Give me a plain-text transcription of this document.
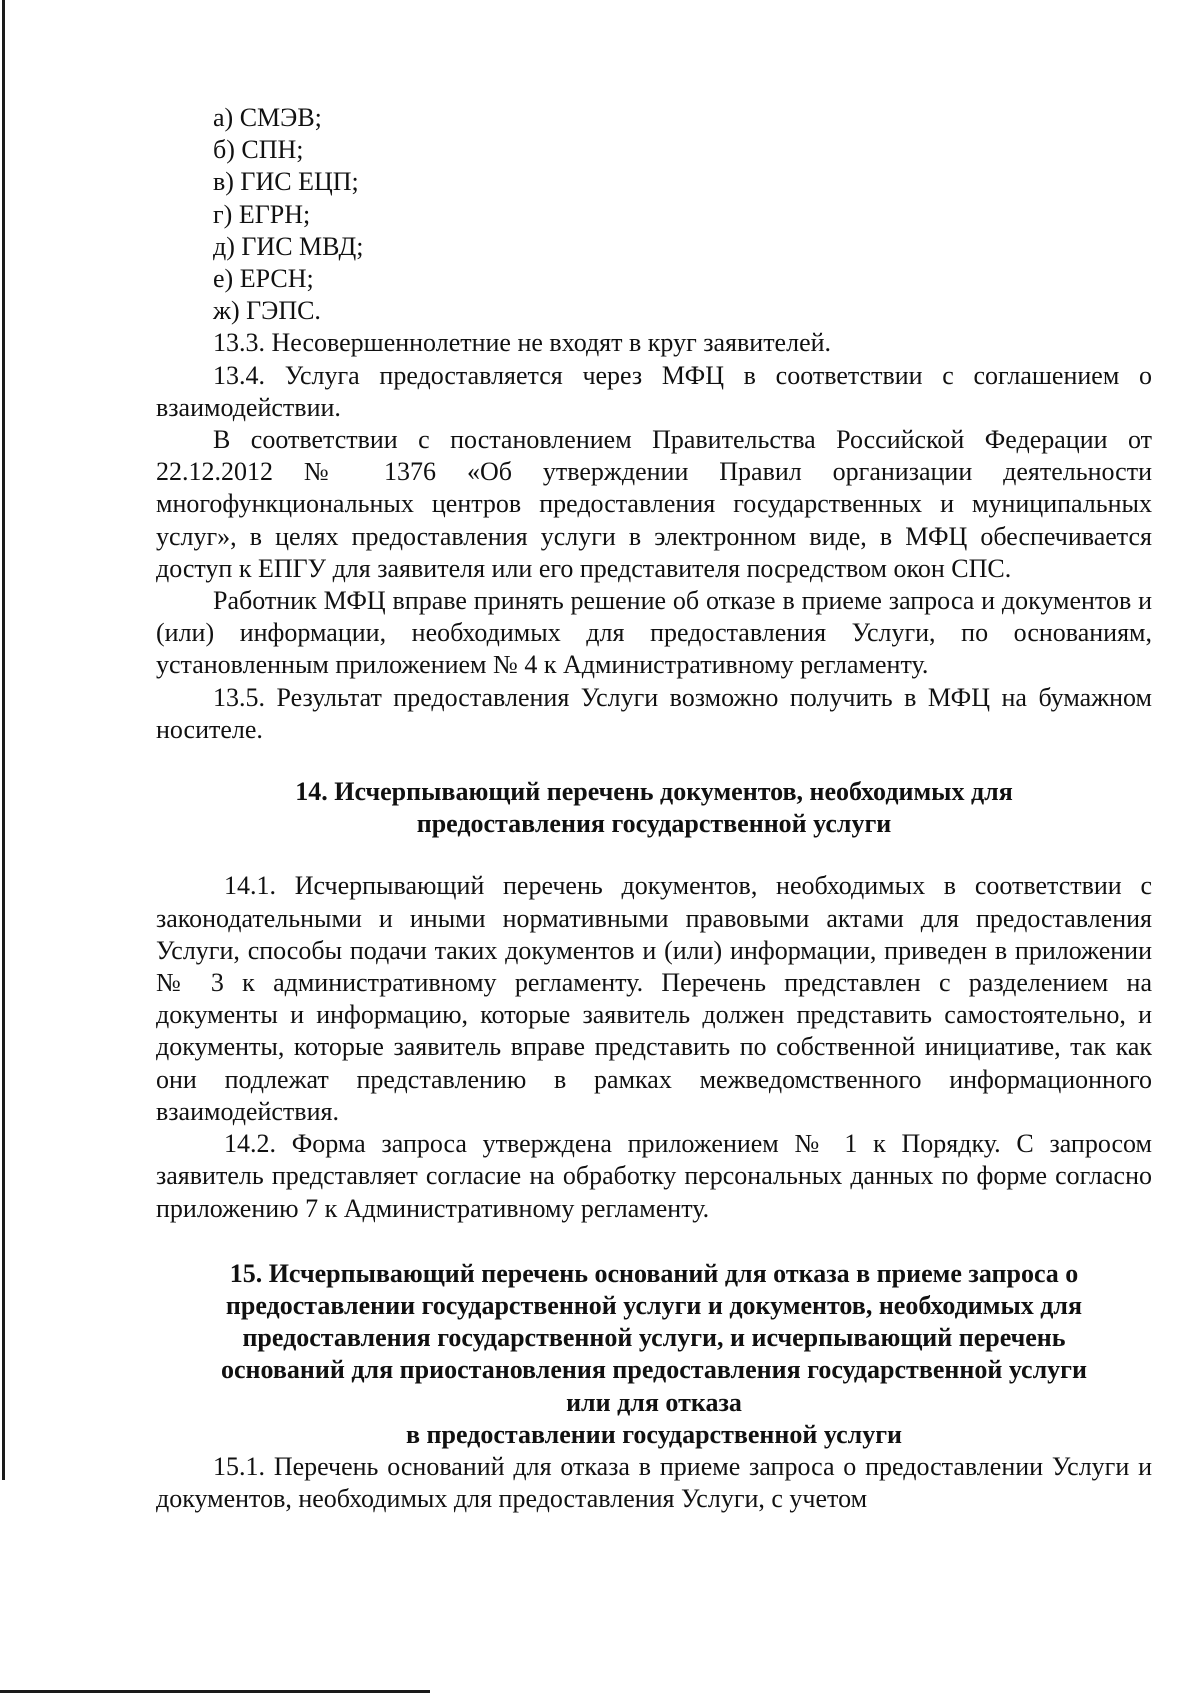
а) СМЭВ;
б) СПН;
в) ГИС ЕЦП;
г) ЕГРН;
д) ГИС МВД;
е) ЕРСН;
ж) ГЭПС.

13.3. Несовершеннолетние не входят в круг заявителей.

13.4. Услуга предоставляется через МФЦ в соответствии с соглашением о взаимодействии.

В соответствии с постановлением Правительства Российской Федерации от 22.12.2012 № 1376 «Об утверждении Правил организации деятельности многофункциональных центров предоставления государственных и муниципальных услуг», в целях предоставления услуги в электронном виде, в МФЦ обеспечивается доступ к ЕПГУ для заявителя или его представителя посредством окон СПС.

Работник МФЦ вправе принять решение об отказе в приеме запроса и документов и (или) информации, необходимых для предоставления Услуги, по основаниям, установленным приложением № 4 к Административному регламенту.

13.5. Результат предоставления Услуги возможно получить в МФЦ на бумажном носителе.

14. Исчерпывающий перечень документов, необходимых для
предоставления государственной услуги

14.1. Исчерпывающий перечень документов, необходимых в соответствии с законодательными и иными нормативными правовыми актами для предоставления Услуги, способы подачи таких документов и (или) информации, приведен в приложении № 3 к административному регламенту. Перечень представлен с разделением на документы и информацию, которые заявитель должен представить самостоятельно, и документы, которые заявитель вправе представить по собственной инициативе, так как они подлежат представлению в рамках межведомственного информационного взаимодействия.

14.2. Форма запроса утверждена приложением № 1 к Порядку. С запросом заявитель представляет согласие на обработку персональных данных по форме согласно приложению 7 к Административному регламенту.

15. Исчерпывающий перечень оснований для отказа в приеме запроса о
предоставлении государственной услуги и документов, необходимых для
предоставления государственной услуги, и исчерпывающий перечень
оснований для приостановления предоставления государственной услуги
или для отказа
в предоставлении государственной услуги

15.1. Перечень оснований для отказа в приеме запроса о предоставлении Услуги и документов, необходимых для предоставления Услуги, с учетом
